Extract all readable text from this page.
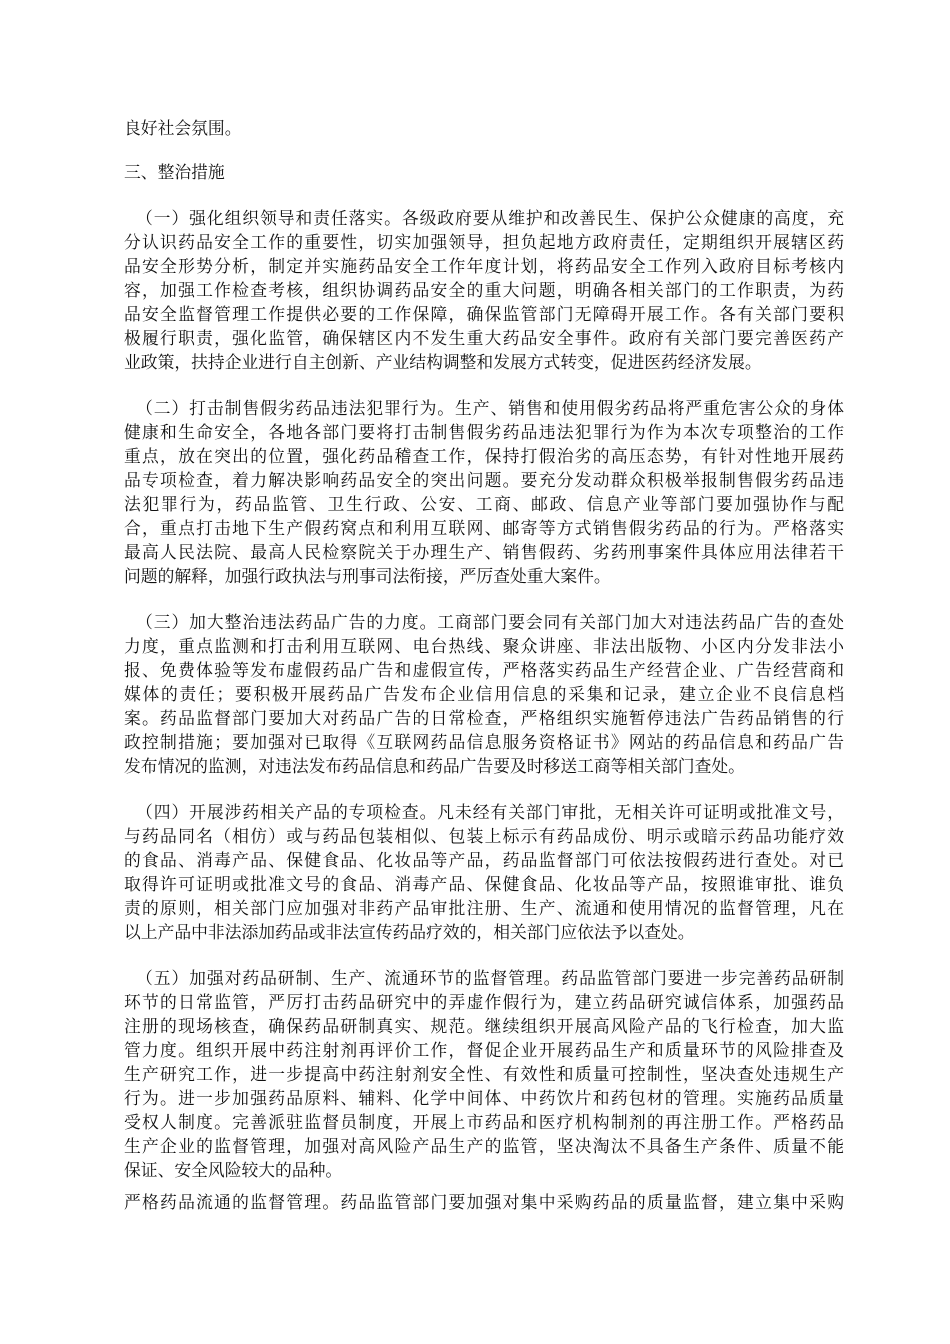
良好社会氛围。
三、整治措施
（一）强化组织领导和责任落实。各级政府要从维护和改善民生、保护公众健康的高度，充
分认识药品安全工作的重要性，切实加强领导，担负起地方政府责任，定期组织开展辖区药
品安全形势分析，制定并实施药品安全工作年度计划，将药品安全工作列入政府目标考核内
容，加强工作检查考核，组织协调药品安全的重大问题，明确各相关部门的工作职责，为药
品安全监督管理工作提供必要的工作保障，确保监管部门无障碍开展工作。各有关部门要积
极履行职责，强化监管，确保辖区内不发生重大药品安全事件。政府有关部门要完善医药产
业政策，扶持企业进行自主创新、产业结构调整和发展方式转变，促进医药经济发展。
（二）打击制售假劣药品违法犯罪行为。生产、销售和使用假劣药品将严重危害公众的身体
健康和生命安全，各地各部门要将打击制售假劣药品违法犯罪行为作为本次专项整治的工作
重点，放在突出的位置，强化药品稽查工作，保持打假治劣的高压态势，有针对性地开展药
品专项检查，着力解决影响药品安全的突出问题。要充分发动群众积极举报制售假劣药品违
法犯罪行为，药品监管、卫生行政、公安、工商、邮政、信息产业等部门要加强协作与配
合，重点打击地下生产假药窝点和利用互联网、邮寄等方式销售假劣药品的行为。严格落实
最高人民法院、最高人民检察院关于办理生产、销售假药、劣药刑事案件具体应用法律若干
问题的解释，加强行政执法与刑事司法衔接，严厉查处重大案件。
（三）加大整治违法药品广告的力度。工商部门要会同有关部门加大对违法药品广告的查处
力度，重点监测和打击利用互联网、电台热线、聚众讲座、非法出版物、小区内分发非法小
报、免费体验等发布虚假药品广告和虚假宣传，严格落实药品生产经营企业、广告经营商和
媒体的责任；要积极开展药品广告发布企业信用信息的采集和记录，建立企业不良信息档
案。药品监督部门要加大对药品广告的日常检查，严格组织实施暂停违法广告药品销售的行
政控制措施；要加强对已取得《互联网药品信息服务资格证书》网站的药品信息和药品广告
发布情况的监测，对违法发布药品信息和药品广告要及时移送工商等相关部门查处。
（四）开展涉药相关产品的专项检查。凡未经有关部门审批，无相关许可证明或批准文号，
与药品同名（相仿）或与药品包装相似、包装上标示有药品成份、明示或暗示药品功能疗效
的食品、消毒产品、保健食品、化妆品等产品，药品监督部门可依法按假药进行查处。对已
取得许可证明或批准文号的食品、消毒产品、保健食品、化妆品等产品，按照谁审批、谁负
责的原则，相关部门应加强对非药产品审批注册、生产、流通和使用情况的监督管理，凡在
以上产品中非法添加药品或非法宣传药品疗效的，相关部门应依法予以查处。
（五）加强对药品研制、生产、流通环节的监督管理。药品监管部门要进一步完善药品研制
环节的日常监管，严厉打击药品研究中的弄虚作假行为，建立药品研究诚信体系，加强药品
注册的现场核查，确保药品研制真实、规范。继续组织开展高风险产品的飞行检查，加大监
管力度。组织开展中药注射剂再评价工作，督促企业开展药品生产和质量环节的风险排查及
生产研究工作，进一步提高中药注射剂安全性、有效性和质量可控制性，坚决查处违规生产
行为。进一步加强药品原料、辅料、化学中间体、中药饮片和药包材的管理。实施药品质量
受权人制度。完善派驻监督员制度，开展上市药品和医疗机构制剂的再注册工作。严格药品
生产企业的监督管理，加强对高风险产品生产的监管，坚决淘汰不具备生产条件、质量不能
保证、安全风险较大的品种。
严格药品流通的监督管理。药品监管部门要加强对集中采购药品的质量监督，建立集中采购
